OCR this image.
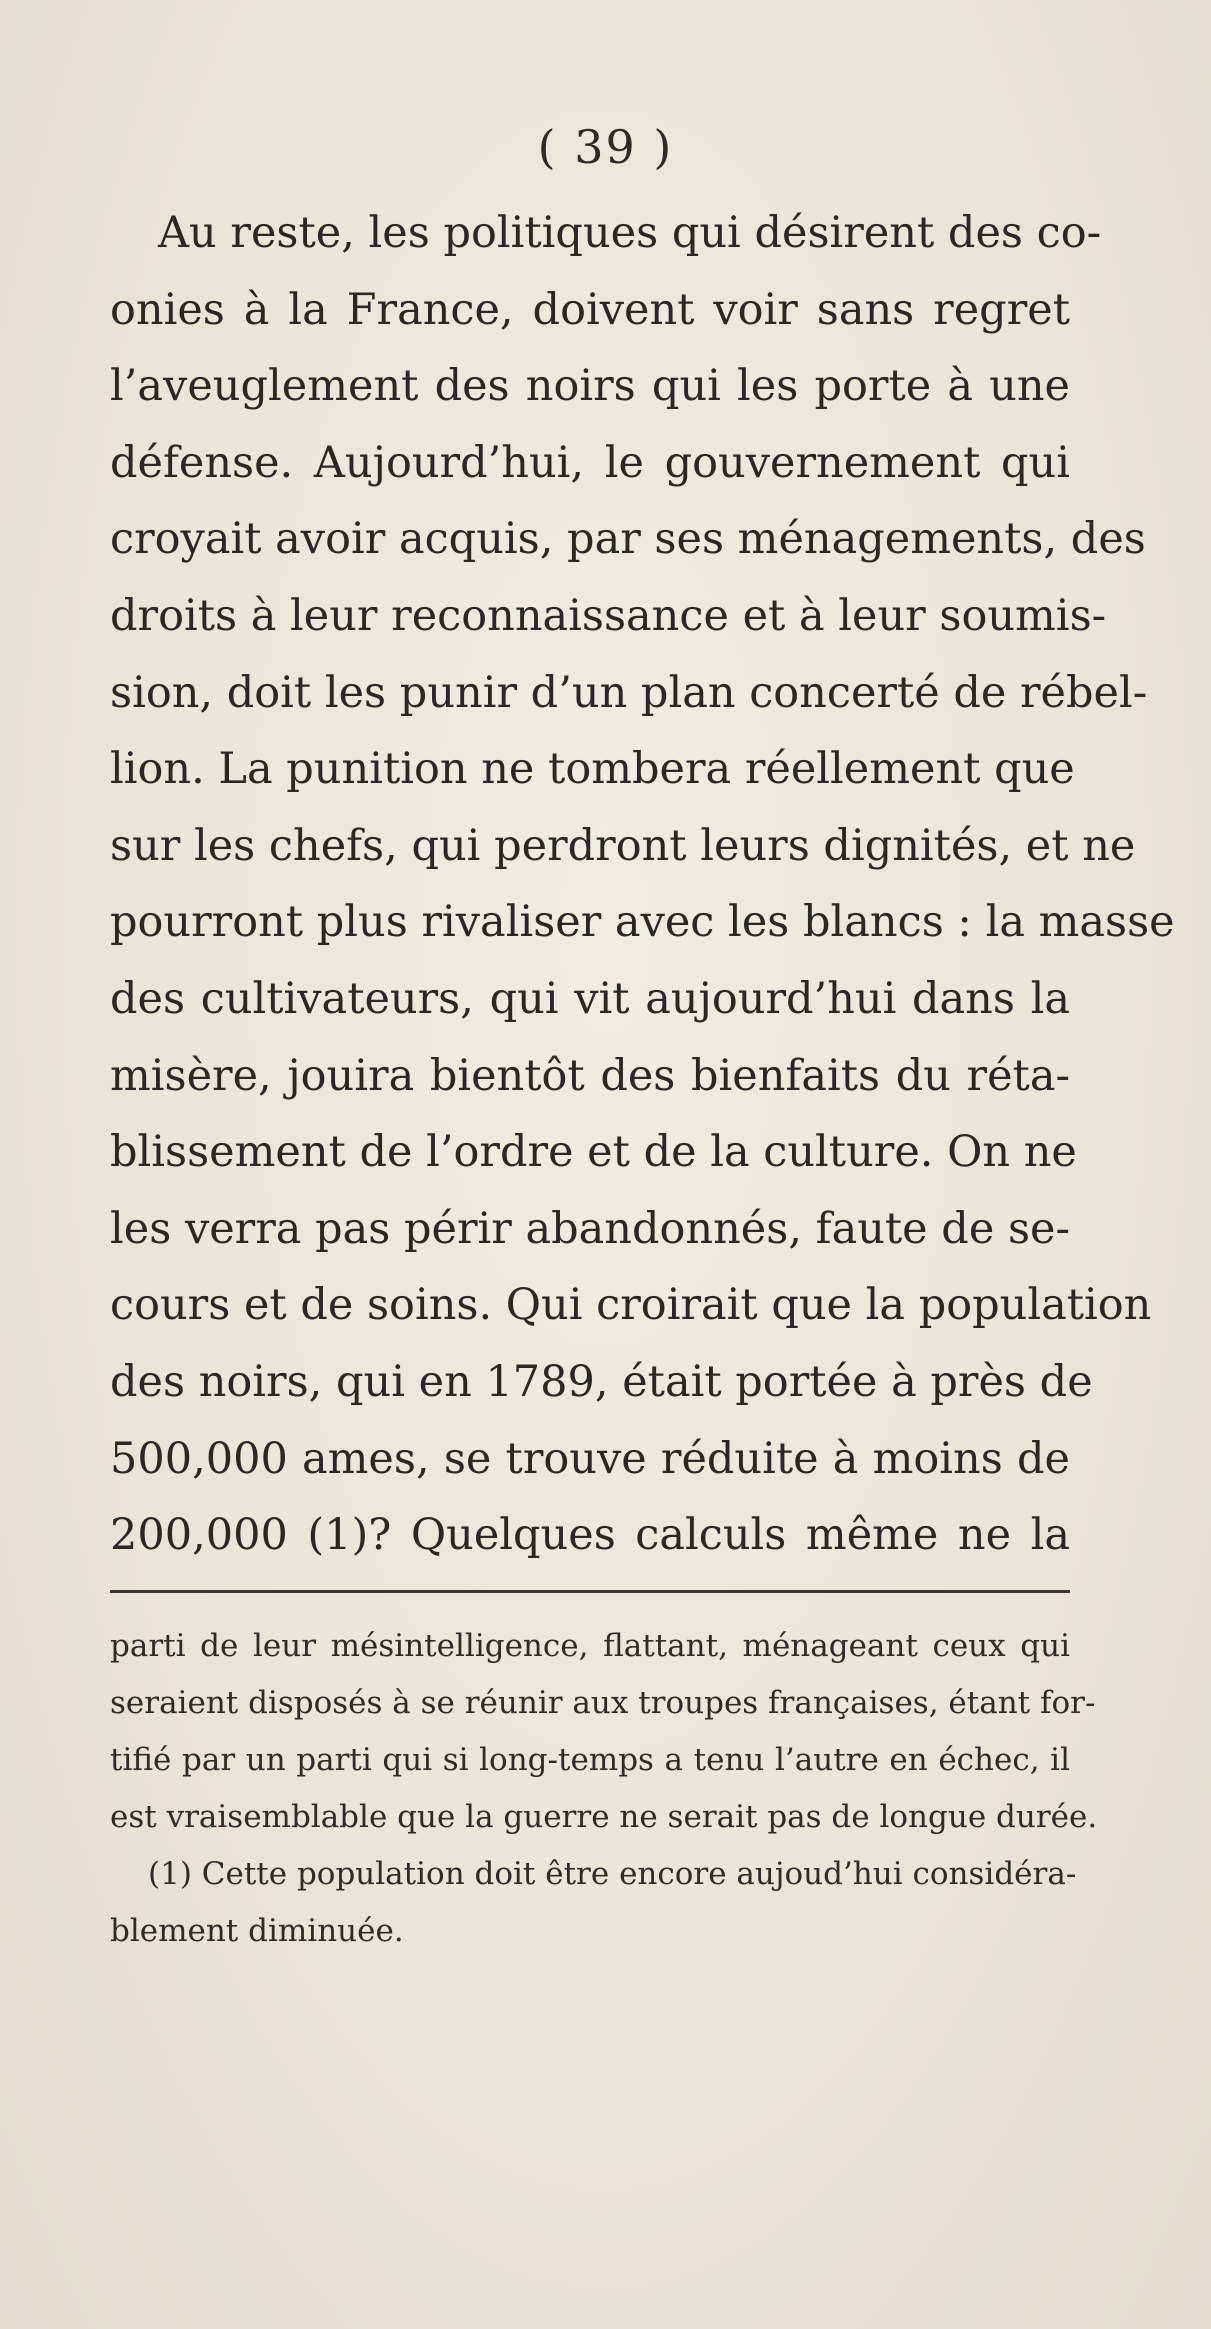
( 39 )
Au reste, les politiques qui désirent des co-
onies à la France, doivent voir sans regret
l’aveuglement des noirs qui les porte à une
défense. Aujourd’hui, le gouvernement qui
croyait avoir acquis, par ses ménagements, des
droits à leur reconnaissance et à leur soumis-
sion, doit les punir d’un plan concerté de rébel-
lion. La punition ne tombera réellement que
sur les chefs, qui perdront leurs dignités, et ne
pourront plus rivaliser avec les blancs : la masse
des cultivateurs, qui vit aujourd’hui dans la
misère, jouira bientôt des bienfaits du réta-
blissement de l’ordre et de la culture. On ne
les verra pas périr abandonnés, faute de se-
cours et de soins. Qui croirait que la population
des noirs, qui en 1789, était portée à près de
500,000 ames, se trouve réduite à moins de
200,000 (1)? Quelques calculs même ne la
parti de leur mésintelligence, flattant, ménageant ceux qui
seraient disposés à se réunir aux troupes françaises, étant for-
tifié par un parti qui si long-temps a tenu l’autre en échec, il
est vraisemblable que la guerre ne serait pas de longue durée.
(1) Cette population doit être encore aujoud’hui considéra-
blement diminuée.
